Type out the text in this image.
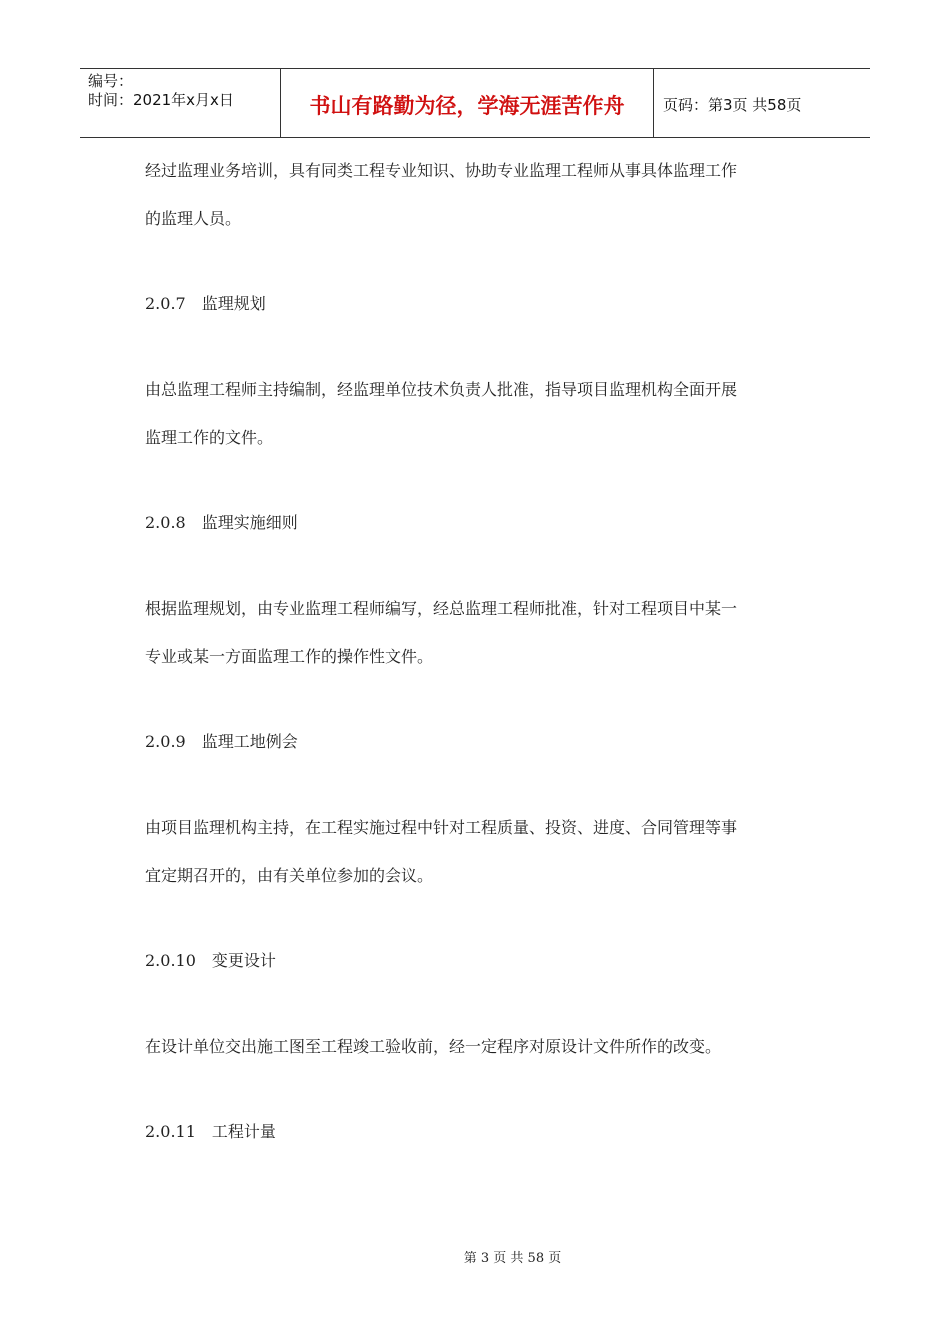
编号：
时间：2021年x月x日	书山有路勤为径，学海无涯苦作舟	页码：第3页 共58页
经过监理业务培训，具有同类工程专业知识、协助专业监理工程师从事具体监理工作
的监理人员。
2.0.7　监理规划
由总监理工程师主持编制，经监理单位技术负责人批准，指导项目监理机构全面开展
监理工作的文件。
2.0.8　监理实施细则
根据监理规划，由专业监理工程师编写，经总监理工程师批准，针对工程项目中某一
专业或某一方面监理工作的操作性文件。
2.0.9　监理工地例会
由项目监理机构主持，在工程实施过程中针对工程质量、投资、进度、合同管理等事
宜定期召开的，由有关单位参加的会议。
2.0.10　变更设计
在设计单位交出施工图至工程竣工验收前，经一定程序对原设计文件所作的改变。
2.0.11　工程计量
第 3 页 共 58 页
